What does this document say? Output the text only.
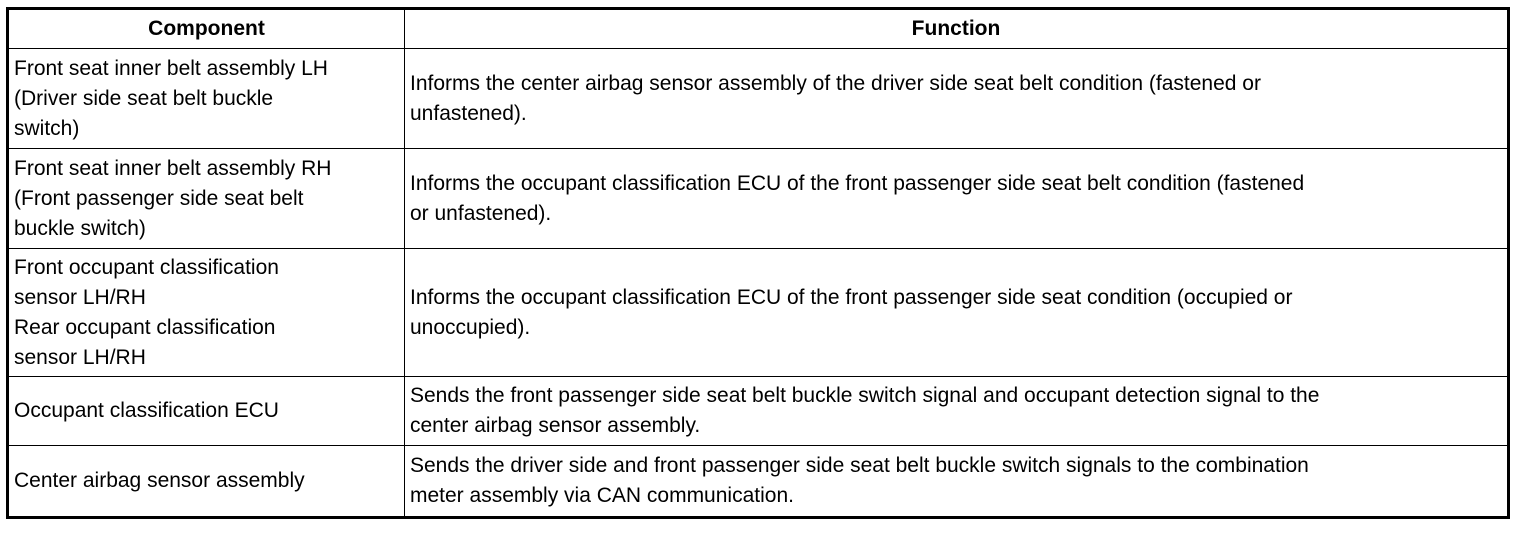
Component	Function
Front seat inner belt assembly LH
(Driver side seat belt buckle
switch)	Informs the center airbag sensor assembly of the driver side seat belt condition (fastened or
unfastened).
Front seat inner belt assembly RH
(Front passenger side seat belt
buckle switch)	Informs the occupant classification ECU of the front passenger side seat belt condition (fastened
or unfastened).
Front occupant classification
sensor LH/RH
Rear occupant classification
sensor LH/RH	Informs the occupant classification ECU of the front passenger side seat condition (occupied or
unoccupied).
Occupant classification ECU	Sends the front passenger side seat belt buckle switch signal and occupant detection signal to the
center airbag sensor assembly.
Center airbag sensor assembly	Sends the driver side and front passenger side seat belt buckle switch signals to the combination
meter assembly via CAN communication.
